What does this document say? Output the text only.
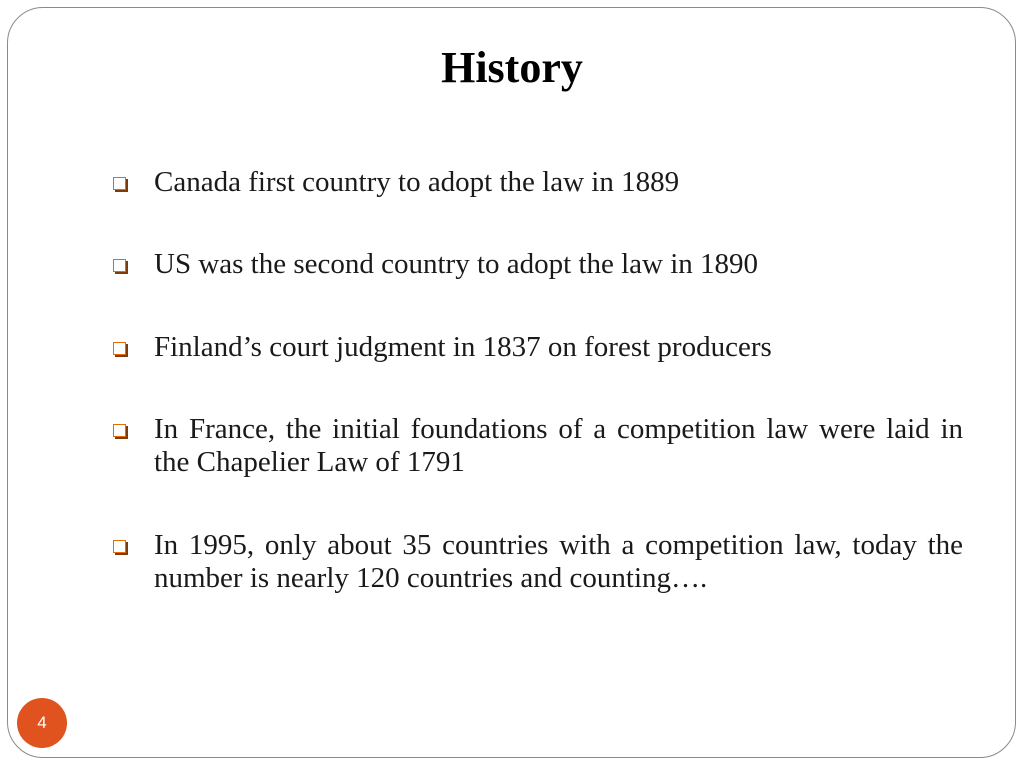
History
Canada first country to adopt the law in 1889
US was the second country to adopt the law in 1890
Finland’s court judgment in 1837 on forest producers
In France, the initial foundations of a competition law were laid in the Chapelier Law of 1791
In 1995, only about 35 countries with a competition law, today the number is nearly 120 countries and counting….
4
